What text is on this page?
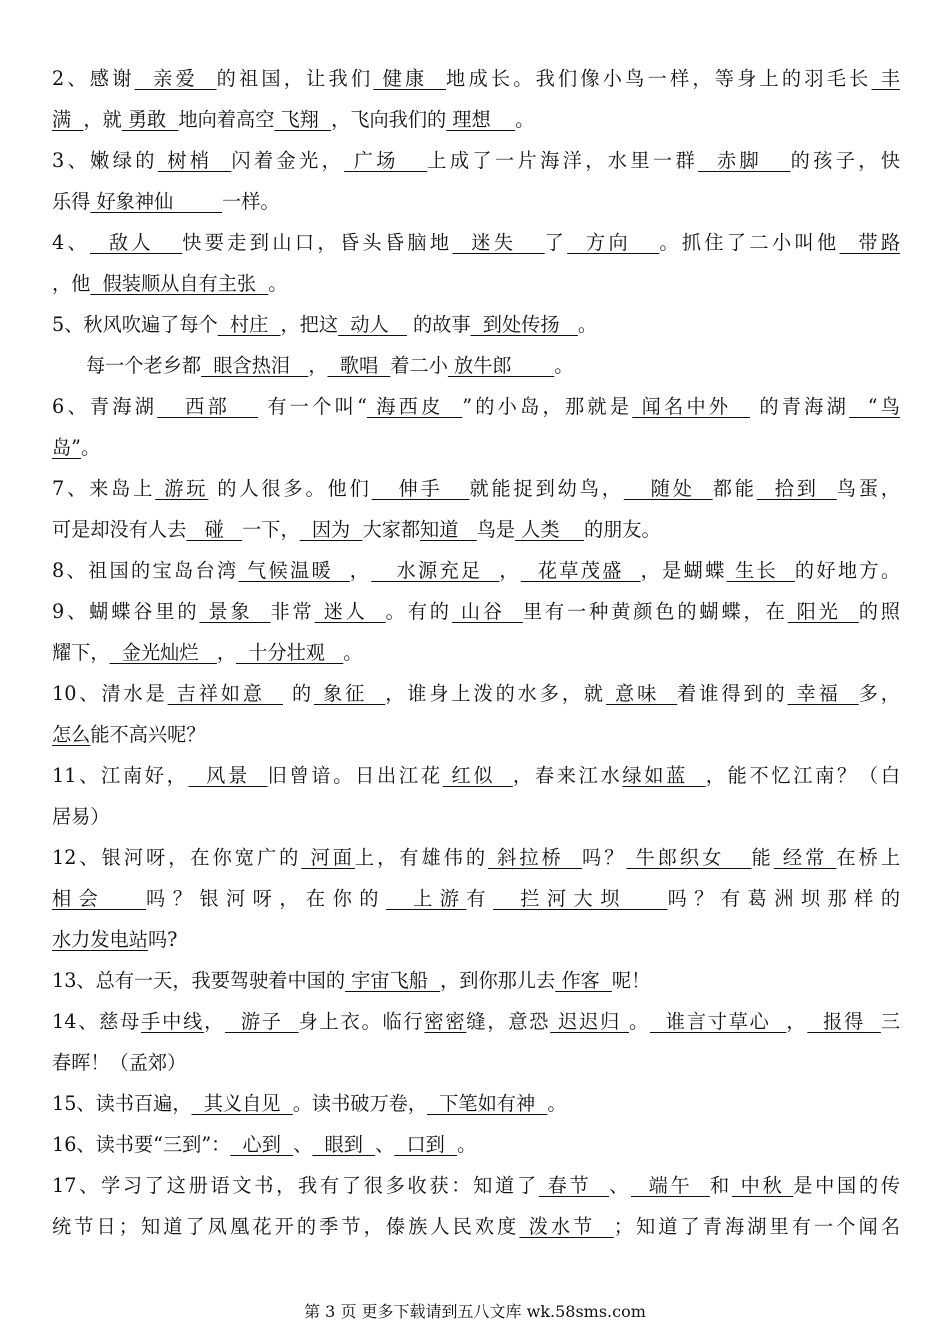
2、感谢  亲爱  的祖国，让我们 健康  地成长。我们像小鸟一样，等身上的羽毛长 丰
满  ，就 勇敢  地向着高空 飞翔  ，飞向我们的 理想    。
3、嫩绿的 树梢  闪着金光， 广场   上成了一片海洋，水里一群  赤脚   的孩子，快
乐得 好象神仙        一样。
4、  敌人   快要走到山口，昏头昏脑地  迷失   了  方向   。抓住了二小叫他  带路
，他  假装顺从自有主张  。
5、秋风吹遍了每个  村庄  ，把这  动人    的故事  到处传扬   。
每一个老乡都  眼含热泪   ，  歌唱  着二小 放牛郎       。
6、青海湖   西部    有一个叫“ 海西皮  ”的小岛，那就是 闻名中外   的青海湖  “鸟
岛”。
7、来岛上 游玩 的人很多。他们   伸手   就能捉到幼鸟，   随处  都能  拾到  鸟蛋，
可是却没有人去   碰   一下，  因为  大家都知道   鸟是 人类    的朋友。
8、祖国的宝岛台湾 气候温暖  ，   水源充足  ，  花草茂盛  ，是蝴蝶 生长  的好地方。
9、蝴蝶谷里的 景象  非常 迷人  。有的 山谷  里有一种黄颜色的蝴蝶，在 阳光  的照
耀下，  金光灿烂   ，  十分壮观   。
10、清水是 吉祥如意   的 象征  ，谁身上泼的水多，就 意味  着谁得到的 幸福  多，
怎么能不高兴呢？
11、江南好，  风景  旧曾谙。日出江花 红似  ，春来江水绿如蓝  ，能不忆江南？（白
居易）
12、银河呀，在你宽广的 河面上，有雄伟的 斜拉桥  吗？ 牛郎织女   能 经常 在桥上
相会   吗？银河呀，在你的  上游有  拦河大坝   吗？有葛洲坝那样的
水力发电站吗?
13、总有一天，我要驾驶着中国的 宇宙飞船  ，到你那儿去 作客  呢！
14、慈母手中线，  游子  身上衣。临行密密缝，意恐 迟迟归 。  谁言寸草心  ，  报得  三
春晖！（孟郊）
15、读书百遍，  其义自见  。读书破万卷，  下笔如有神  。
16、读书要“三到”：  心到  、  眼到  、  口到  。
17、学习了这册语文书，我有了很多收获：知道了 春节  、  端午  和 中秋 是中国的传
统节日；知道了凤凰花开的季节，傣族人民欢度 泼水节  ；知道了青海湖里有一个闻名
第 3 页 更多下载请到五八文库 wk.58sms.com
